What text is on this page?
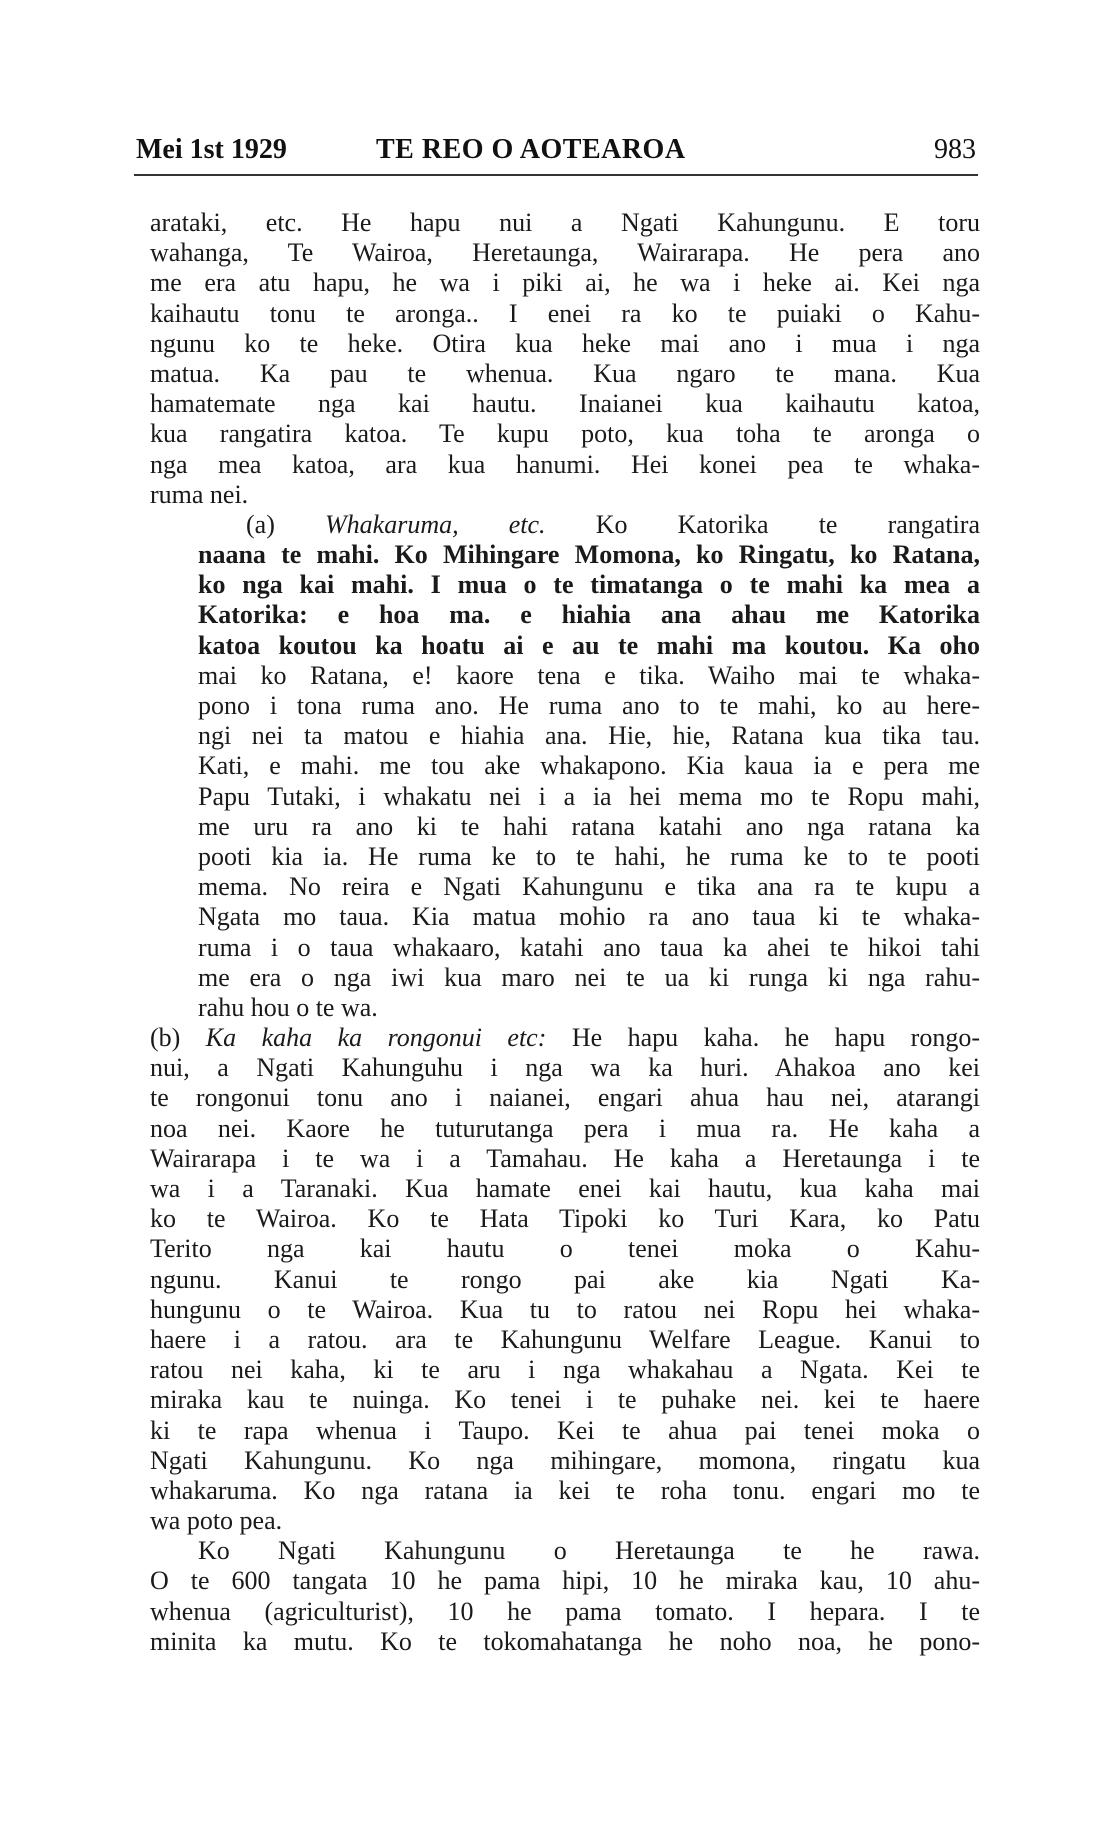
Mei 1st 1929	TE REO O AOTEAROA	983

arataki, etc. He hapu nui a Ngati Kahungunu. E toru
wahanga, Te Wairoa, Heretaunga, Wairarapa. He pera ano
me era atu hapu, he wa i piki ai, he wa i heke ai. Kei nga
kaihautu tonu te aronga.. I enei ra ko te puiaki o Kahu-
ngunu ko te heke. Otira kua heke mai ano i mua i nga
matua. Ka pau te whenua. Kua ngaro te mana. Kua
hamatemate nga kai hautu. Inaianei kua kaihautu katoa,
kua rangatira katoa. Te kupu poto, kua toha te aronga o
nga mea katoa, ara kua hanumi. Hei konei pea te whaka-
ruma nei.

(a) Whakaruma, etc. Ko Katorika te rangatira
naana te mahi. Ko Mihingare Momona, ko Ringatu, ko Ratana,
ko nga kai mahi. I mua o te timatanga o te mahi ka mea a
Katorika: e hoa ma. e hiahia ana ahau me Katorika
katoa koutou ka hoatu ai e au te mahi ma koutou. Ka oho
mai ko Ratana, e! kaore tena e tika. Waiho mai te whaka-
pono i tona ruma ano. He ruma ano to te mahi, ko au here-
ngi nei ta matou e hiahia ana. Hie, hie, Ratana kua tika tau.
Kati, e mahi. me tou ake whakapono. Kia kaua ia e pera me
Papu Tutaki, i whakatu nei i a ia hei mema mo te Ropu mahi,
me uru ra ano ki te hahi ratana katahi ano nga ratana ka
pooti kia ia. He ruma ke to te hahi, he ruma ke to te pooti
mema. No reira e Ngati Kahungunu e tika ana ra te kupu a
Ngata mo taua. Kia matua mohio ra ano taua ki te whaka-
ruma i o taua whakaaro, katahi ano taua ka ahei te hikoi tahi
me era o nga iwi kua maro nei te ua ki runga ki nga rahu-
rahu hou o te wa.

(b) Ka kaha ka rongonui etc: He hapu kaha. he hapu rongo-
nui, a Ngati Kahunguhu i nga wa ka huri. Ahakoa ano kei
te rongonui tonu ano i naianei, engari ahua hau nei, atarangi
noa nei. Kaore he tuturutanga pera i mua ra. He kaha a
Wairarapa i te wa i a Tamahau. He kaha a Heretaunga i te
wa i a Taranaki. Kua hamate enei kai hautu, kua kaha mai
ko te Wairoa. Ko te Hata Tipoki ko Turi Kara, ko Patu
Terito nga kai hautu o tenei moka o Kahu-
ngunu. Kanui te rongo pai ake kia Ngati Ka-
hungunu o te Wairoa. Kua tu to ratou nei Ropu hei whaka-
haere i a ratou. ara te Kahungunu Welfare League. Kanui to
ratou nei kaha, ki te aru i nga whakahau a Ngata. Kei te
miraka kau te nuinga. Ko tenei i te puhake nei. kei te haere
ki te rapa whenua i Taupo. Kei te ahua pai tenei moka o
Ngati Kahungunu. Ko nga mihingare, momona, ringatu kua
whakaruma. Ko nga ratana ia kei te roha tonu. engari mo te
wa poto pea.

Ko Ngati Kahungunu o Heretaunga te he rawa.
O te 600 tangata 10 he pama hipi, 10 he miraka kau, 10 ahu-
whenua (agriculturist), 10 he pama tomato. I hepara. I te
minita ka mutu. Ko te tokomahatanga he noho noa, he pono-
